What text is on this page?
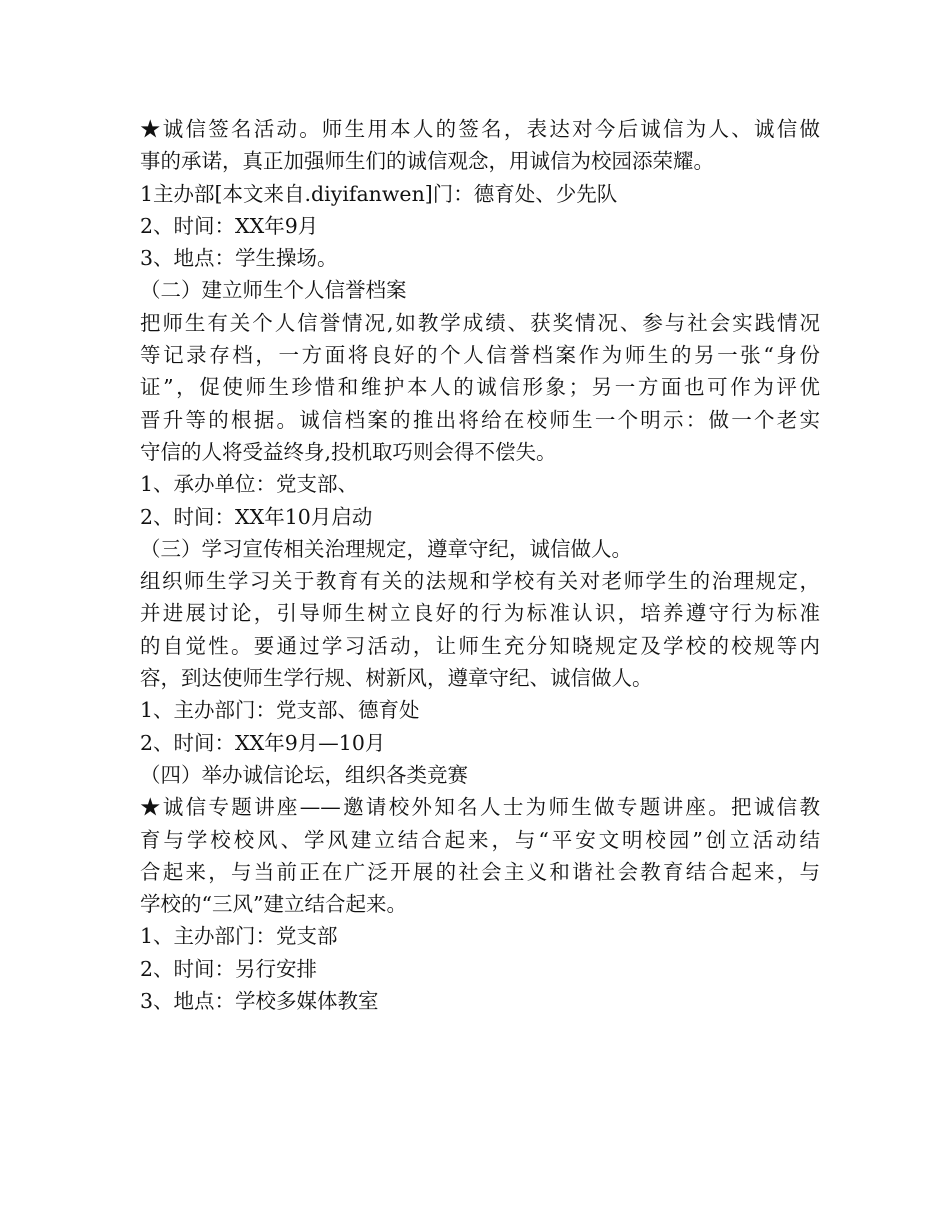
★诚信签名活动。师生用本人的签名，表达对今后诚信为人、诚信做
事的承诺，真正加强师生们的诚信观念，用诚信为校园添荣耀。
1主办部[本文来自.diyifanwen]门：德育处、少先队
2、时间：XX年9月
3、地点：学生操场。
（二）建立师生个人信誉档案
把师生有关个人信誉情况,如教学成绩、获奖情况、参与社会实践情况
等记录存档，一方面将良好的个人信誉档案作为师生的另一张“身份
证”，促使师生珍惜和维护本人的诚信形象；另一方面也可作为评优
晋升等的根据。诚信档案的推出将给在校师生一个明示：做一个老实
守信的人将受益终身,投机取巧则会得不偿失。
1、承办单位：党支部、
2、时间：XX年10月启动
（三）学习宣传相关治理规定，遵章守纪，诚信做人。
组织师生学习关于教育有关的法规和学校有关对老师学生的治理规定，
并进展讨论，引导师生树立良好的行为标准认识，培养遵守行为标准
的自觉性。要通过学习活动，让师生充分知晓规定及学校的校规等内
容，到达使师生学行规、树新风，遵章守纪、诚信做人。
1、主办部门：党支部、德育处
2、时间：XX年9月—10月
（四）举办诚信论坛，组织各类竞赛
★诚信专题讲座——邀请校外知名人士为师生做专题讲座。把诚信教
育与学校校风、学风建立结合起来，与“平安文明校园”创立活动结
合起来，与当前正在广泛开展的社会主义和谐社会教育结合起来，与
学校的“三风”建立结合起来。
1、主办部门：党支部
2、时间：另行安排
3、地点：学校多媒体教室
